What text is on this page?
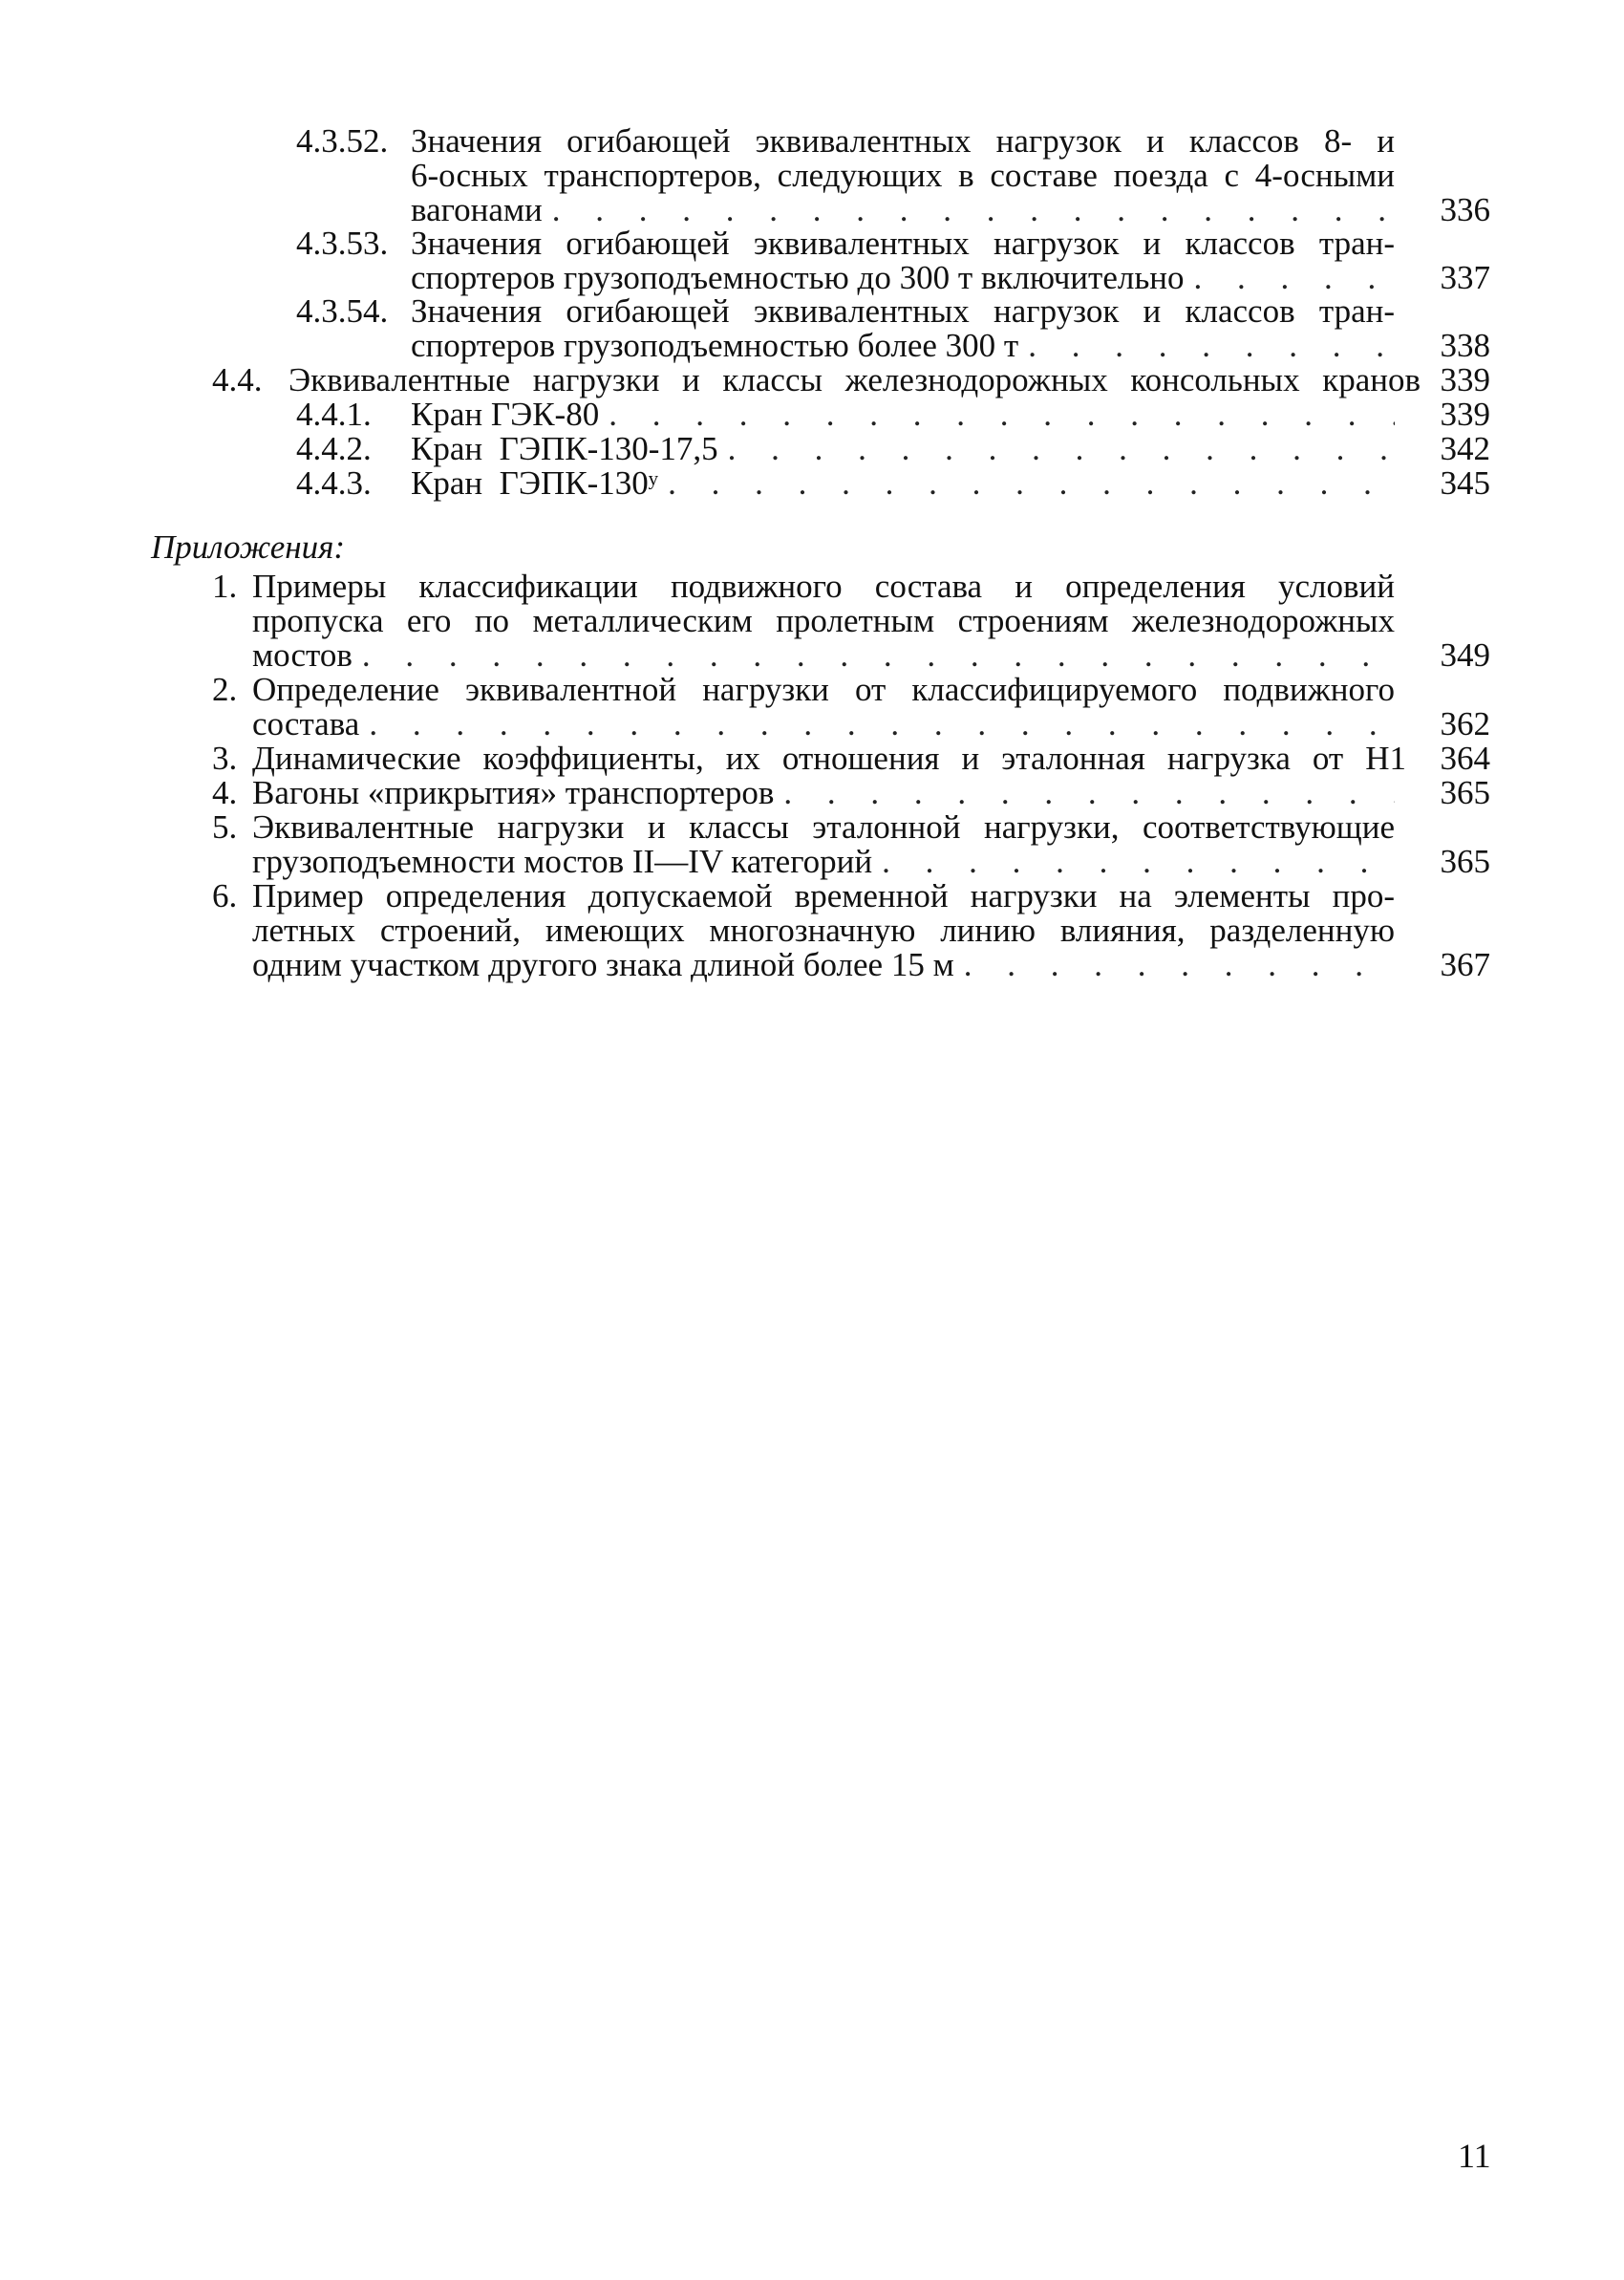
4.3.52. Значения огибающей эквивалентных нагрузок и классов 8- и
6-осных транспортеров, следующих в составе поезда с 4-осными
вагонами . . .	336
4.3.53. Значения огибающей эквивалентных нагрузок и классов тран-
спортеров грузоподъемностью до 300 т включительно . . .	337
4.3.54. Значения огибающей эквивалентных нагрузок и классов тран-
спортеров грузоподъемностью более 300 т . . .	338
4.4. Эквивалентные нагрузки и классы железнодорожных консольных кранов 339
4.4.1. Кран ГЭК-80 . . .	339
4.4.2. Кран  ГЭПК-130-17,5 . . .	342
4.4.3. Кран  ГЭПК-130ʸ . . .	345
Приложения:
1. Примеры классификации подвижного состава и определения условий
пропуска его по металлическим пролетным строениям железнодорожных
мостов . . .	349
2. Определение эквивалентной нагрузки от классифицируемого подвижного
состава . . .	362
3. Динамические коэффициенты, их отношения и эталонная нагрузка от Н1 364
4. Вагоны «прикрытия» транспортеров . . .	365
5. Эквивалентные нагрузки и классы эталонной нагрузки, соответствующие
грузоподъемности мостов II—IV категорий . . .	365
6. Пример определения допускаемой временной нагрузки на элементы про-
летных строений, имеющих многозначную линию влияния, разделенную
одним участком другого знака длиной более 15 м . . .	367
11
